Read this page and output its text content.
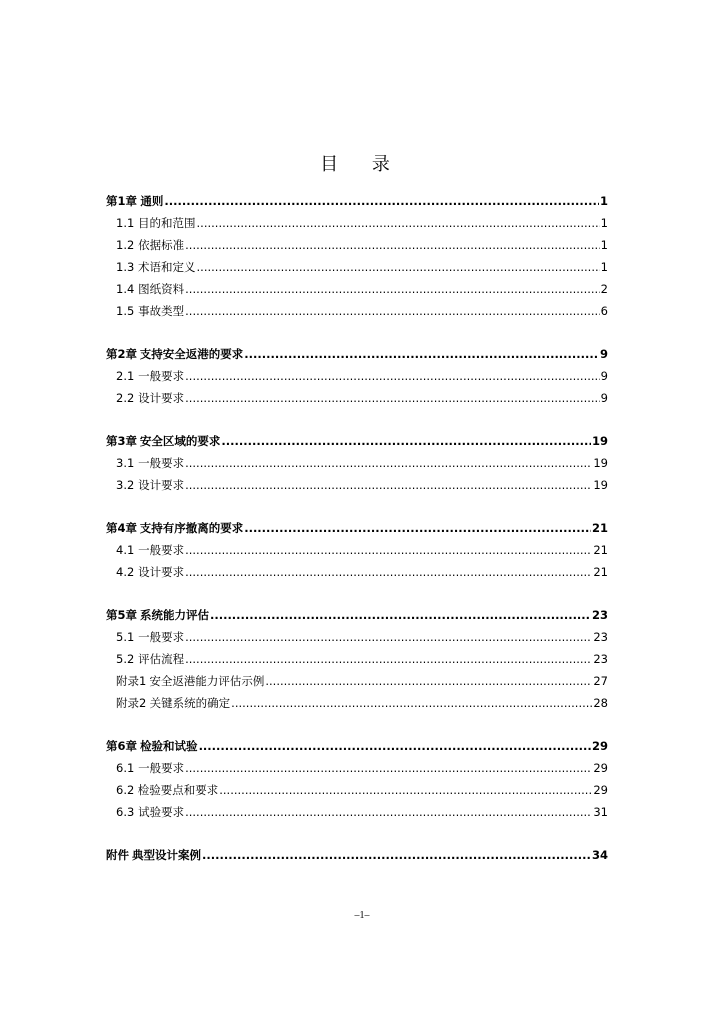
目 录
第1章 通则 .....	1
1.1 目的和范围 .....	1
1.2 依据标准 .....	1
1.3 术语和定义 .....	1
1.4 图纸资料 .....	2
1.5 事故类型 .....	6
第2章 支持安全返港的要求 .....	9
2.1 一般要求 .....	9
2.2 设计要求 .....	9
第3章 安全区域的要求 .....	19
3.1 一般要求 .....	19
3.2 设计要求 .....	19
第4章 支持有序撤离的要求 .....	21
4.1 一般要求 .....	21
4.2 设计要求 .....	21
第5章 系统能力评估 .....	23
5.1 一般要求 .....	23
5.2 评估流程 .....	23
附录1 安全返港能力评估示例 .....	27
附录2 关键系统的确定 .....	28
第6章 检验和试验 .....	29
6.1 一般要求 .....	29
6.2 检验要点和要求 .....	29
6.3 试验要求 .....	31
附件 典型设计案例 .....	34
–1–
